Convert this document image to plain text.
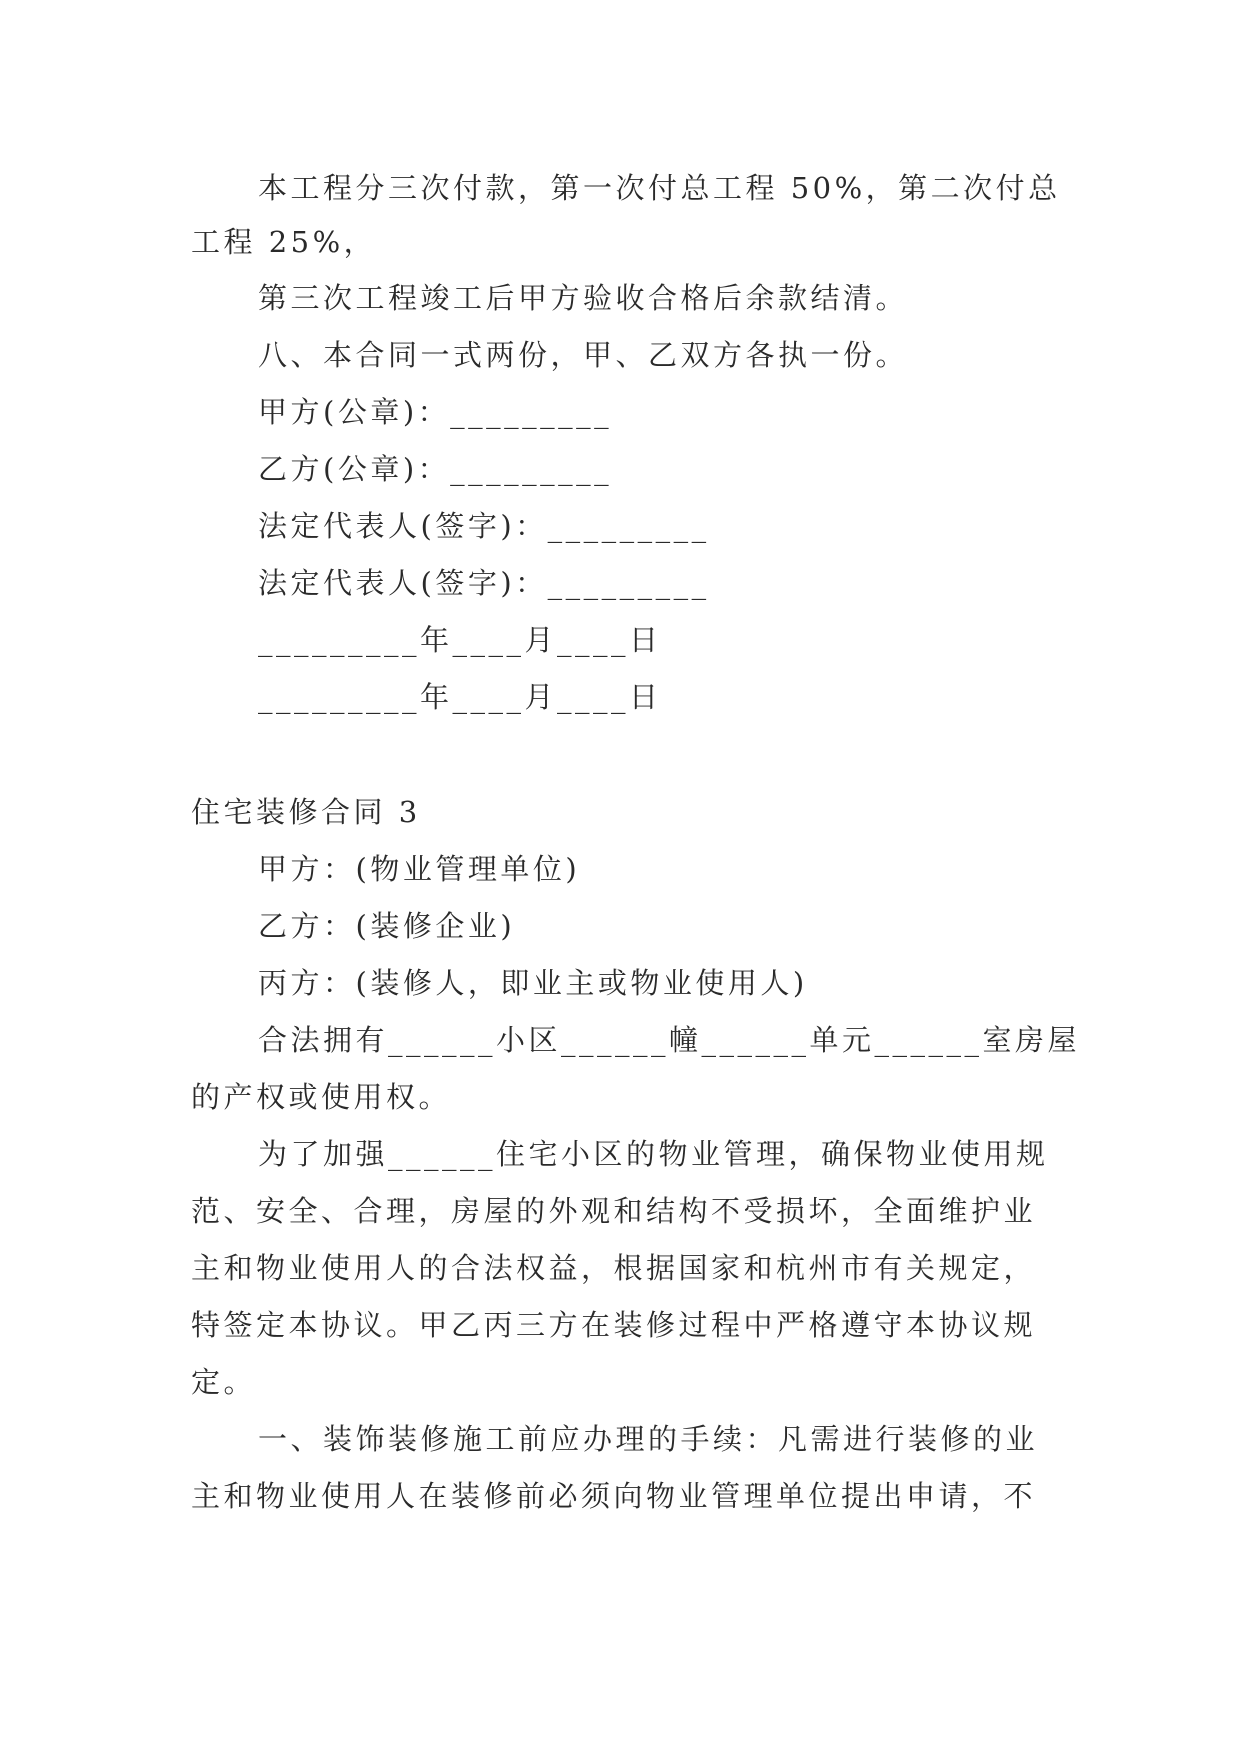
本工程分三次付款，第一次付总工程 50%，第二次付总

工程 25%，

第三次工程竣工后甲方验收合格后余款结清。

八、本合同一式两份，甲、乙双方各执一份。

甲方(公章)：_________

乙方(公章)：_________

法定代表人(签字)：_________

法定代表人(签字)：_________

_________年____月____日

_________年____月____日

住宅装修合同 3

甲方：(物业管理单位)

乙方：(装修企业)

丙方：(装修人，即业主或物业使用人)

合法拥有______小区______幢______单元______室房屋

的产权或使用权。

为了加强______住宅小区的物业管理，确保物业使用规

范、安全、合理，房屋的外观和结构不受损坏，全面维护业

主和物业使用人的合法权益，根据国家和杭州市有关规定，

特签定本协议。甲乙丙三方在装修过程中严格遵守本协议规

定。

一、装饰装修施工前应办理的手续：凡需进行装修的业

主和物业使用人在装修前必须向物业管理单位提出申请，不
